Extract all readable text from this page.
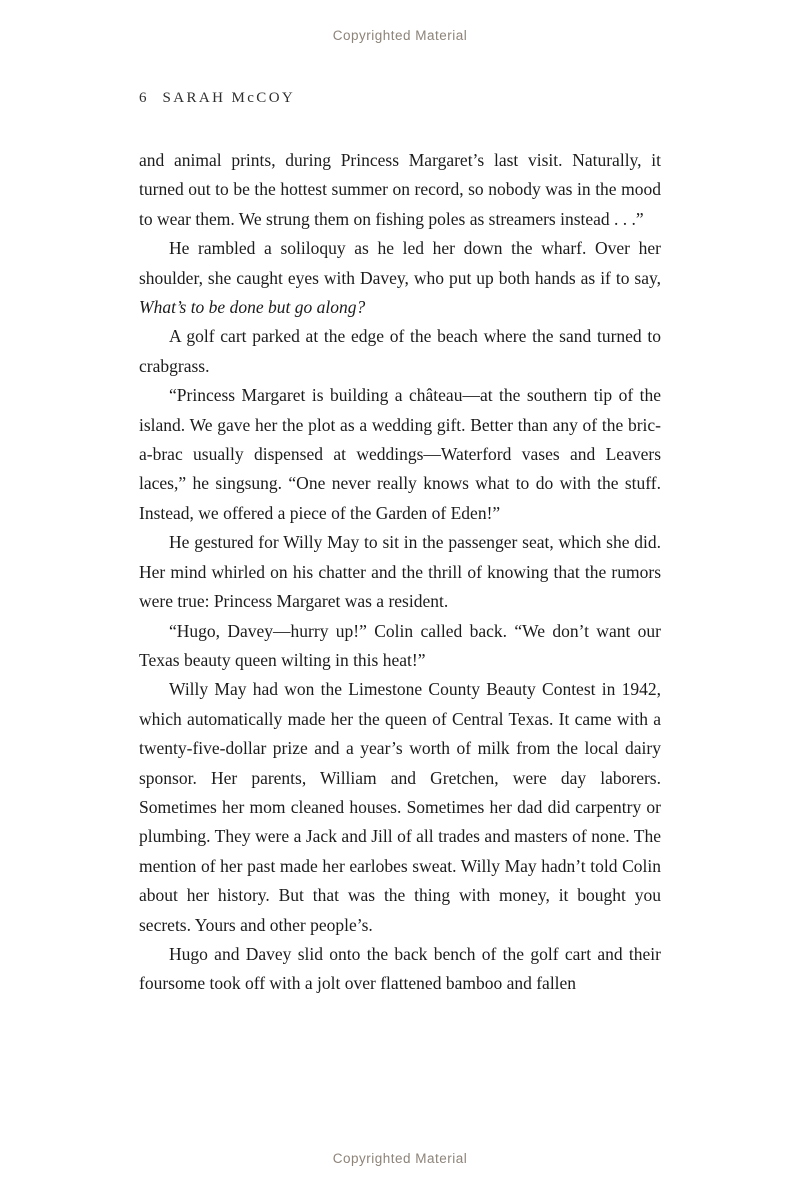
Copyrighted Material
6 SARAH McCOY

and animal prints, during Princess Margaret’s last visit. Naturally, it turned out to be the hottest summer on record, so nobody was in the mood to wear them. We strung them on fishing poles as streamers instead . . .”

He rambled a soliloquy as he led her down the wharf. Over her shoulder, she caught eyes with Davey, who put up both hands as if to say, What’s to be done but go along?

A golf cart parked at the edge of the beach where the sand turned to crabgrass.

“Princess Margaret is building a château—at the southern tip of the island. We gave her the plot as a wedding gift. Better than any of the bric-a-brac usually dispensed at weddings—Waterford vases and Leavers laces,” he singsung. “One never really knows what to do with the stuff. Instead, we offered a piece of the Garden of Eden!”

He gestured for Willy May to sit in the passenger seat, which she did. Her mind whirled on his chatter and the thrill of knowing that the rumors were true: Princess Margaret was a resident.

“Hugo, Davey—hurry up!” Colin called back. “We don’t want our Texas beauty queen wilting in this heat!”

Willy May had won the Limestone County Beauty Contest in 1942, which automatically made her the queen of Central Texas. It came with a twenty-five-dollar prize and a year’s worth of milk from the local dairy sponsor. Her parents, William and Gretchen, were day laborers. Sometimes her mom cleaned houses. Sometimes her dad did carpentry or plumbing. They were a Jack and Jill of all trades and masters of none. The mention of her past made her earlobes sweat. Willy May hadn’t told Colin about her history. But that was the thing with money, it bought you secrets. Yours and other people’s.

Hugo and Davey slid onto the back bench of the golf cart and their foursome took off with a jolt over flattened bamboo and fallen

Copyrighted Material
